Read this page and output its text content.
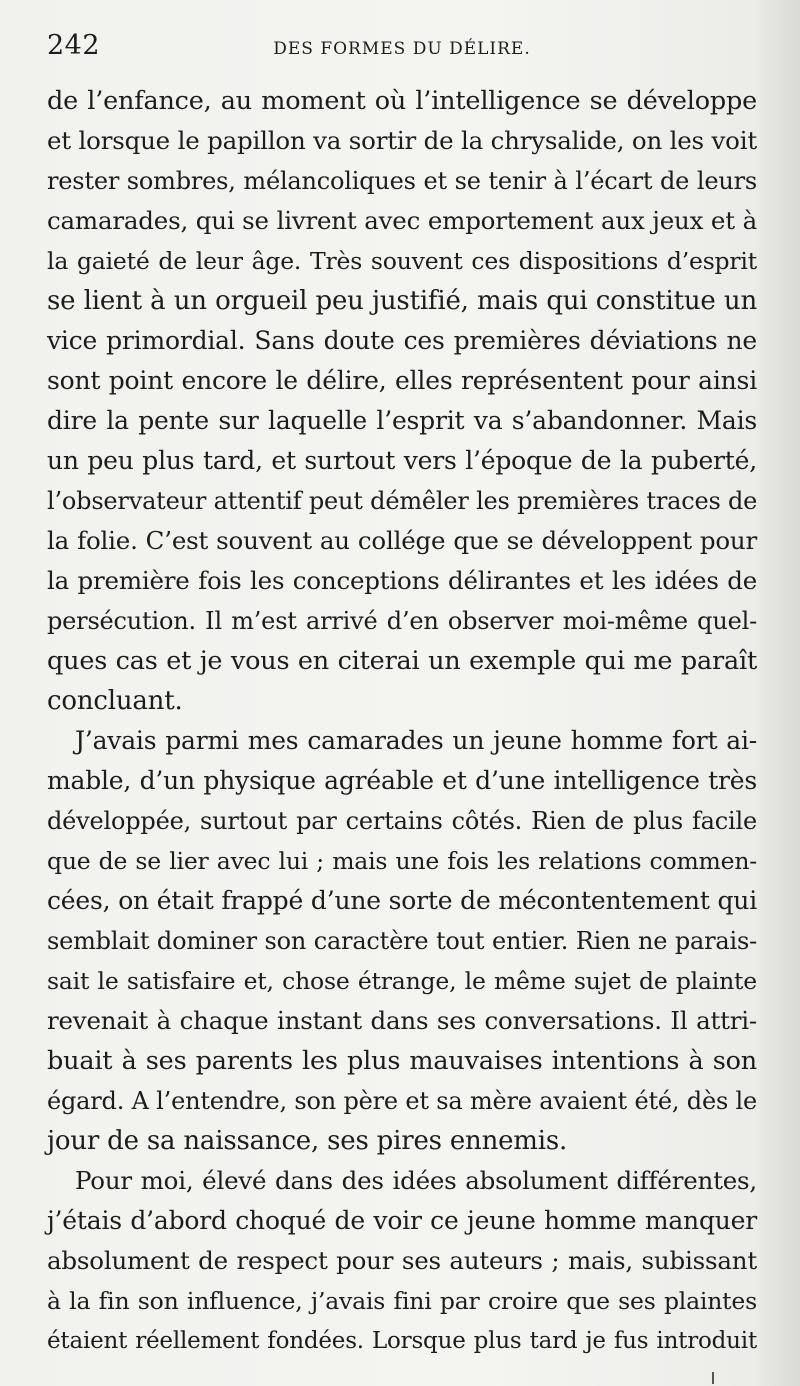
242	DES FORMES DU DÉLIRE.
de l’enfance, au moment où l’intelligence se développe
et lorsque le papillon va sortir de la chrysalide, on les voit
rester sombres, mélancoliques et se tenir à l’écart de leurs
camarades, qui se livrent avec emportement aux jeux et à
la gaieté de leur âge. Très souvent ces dispositions d’esprit
se lient à un orgueil peu justifié, mais qui constitue un
vice primordial. Sans doute ces premières déviations ne
sont point encore le délire, elles représentent pour ainsi
dire la pente sur laquelle l’esprit va s’abandonner. Mais
un peu plus tard, et surtout vers l’époque de la puberté,
l’observateur attentif peut démêler les premières traces de
la folie. C’est souvent au collége que se développent pour
la première fois les conceptions délirantes et les idées de
persécution. Il m’est arrivé d’en observer moi-même quel-
ques cas et je vous en citerai un exemple qui me paraît
concluant.
J’avais parmi mes camarades un jeune homme fort ai-
mable, d’un physique agréable et d’une intelligence très
développée, surtout par certains côtés. Rien de plus facile
que de se lier avec lui ; mais une fois les relations commen-
cées, on était frappé d’une sorte de mécontentement qui
semblait dominer son caractère tout entier. Rien ne parais-
sait le satisfaire et, chose étrange, le même sujet de plainte
revenait à chaque instant dans ses conversations. Il attri-
buait à ses parents les plus mauvaises intentions à son
égard. A l’entendre, son père et sa mère avaient été, dès le
jour de sa naissance, ses pires ennemis.
Pour moi, élevé dans des idées absolument différentes,
j’étais d’abord choqué de voir ce jeune homme manquer
absolument de respect pour ses auteurs ; mais, subissant
à la fin son influence, j’avais fini par croire que ses plaintes
étaient réellement fondées. Lorsque plus tard je fus introduit
